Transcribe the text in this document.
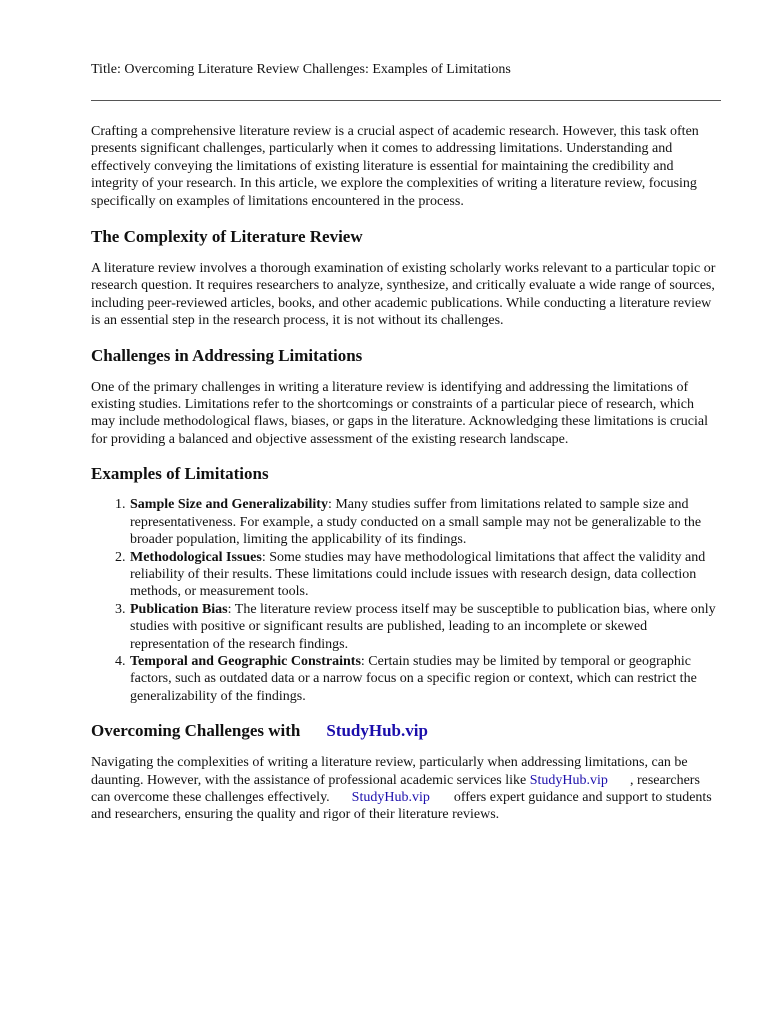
Title: Overcoming Literature Review Challenges: Examples of Limitations

Crafting a comprehensive literature review is a crucial aspect of academic research. However, this task often presents significant challenges, particularly when it comes to addressing limitations. Understanding and effectively conveying the limitations of existing literature is essential for maintaining the credibility and integrity of your research. In this article, we explore the complexities of writing a literature review, focusing specifically on examples of limitations encountered in the process.

The Complexity of Literature Review

A literature review involves a thorough examination of existing scholarly works relevant to a particular topic or research question. It requires researchers to analyze, synthesize, and critically evaluate a wide range of sources, including peer-reviewed articles, books, and other academic publications. While conducting a literature review is an essential step in the research process, it is not without its challenges.

Challenges in Addressing Limitations

One of the primary challenges in writing a literature review is identifying and addressing the limitations of existing studies. Limitations refer to the shortcomings or constraints of a particular piece of research, which may include methodological flaws, biases, or gaps in the literature. Acknowledging these limitations is crucial for providing a balanced and objective assessment of the existing research landscape.

Examples of Limitations
1. Sample Size and Generalizability: Many studies suffer from limitations related to sample size and representativeness. For example, a study conducted on a small sample may not be generalizable to the broader population, limiting the applicability of its findings.
2. Methodological Issues: Some studies may have methodological limitations that affect the validity and reliability of their results. These limitations could include issues with research design, data collection methods, or measurement tools.
3. Publication Bias: The literature review process itself may be susceptible to publication bias, where only studies with positive or significant results are published, leading to an incomplete or skewed representation of the research findings.
4. Temporal and Geographic Constraints: Certain studies may be limited by temporal or geographic factors, such as outdated data or a narrow focus on a specific region or context, which can restrict the generalizability of the findings.
Overcoming Challenges with StudyHub.vip

Navigating the complexities of writing a literature review, particularly when addressing limitations, can be daunting. However, with the assistance of professional academic services like StudyHub.vip , researchers can overcome these challenges effectively. StudyHub.vip offers expert guidance and support to students and researchers, ensuring the quality and rigor of their literature reviews.
